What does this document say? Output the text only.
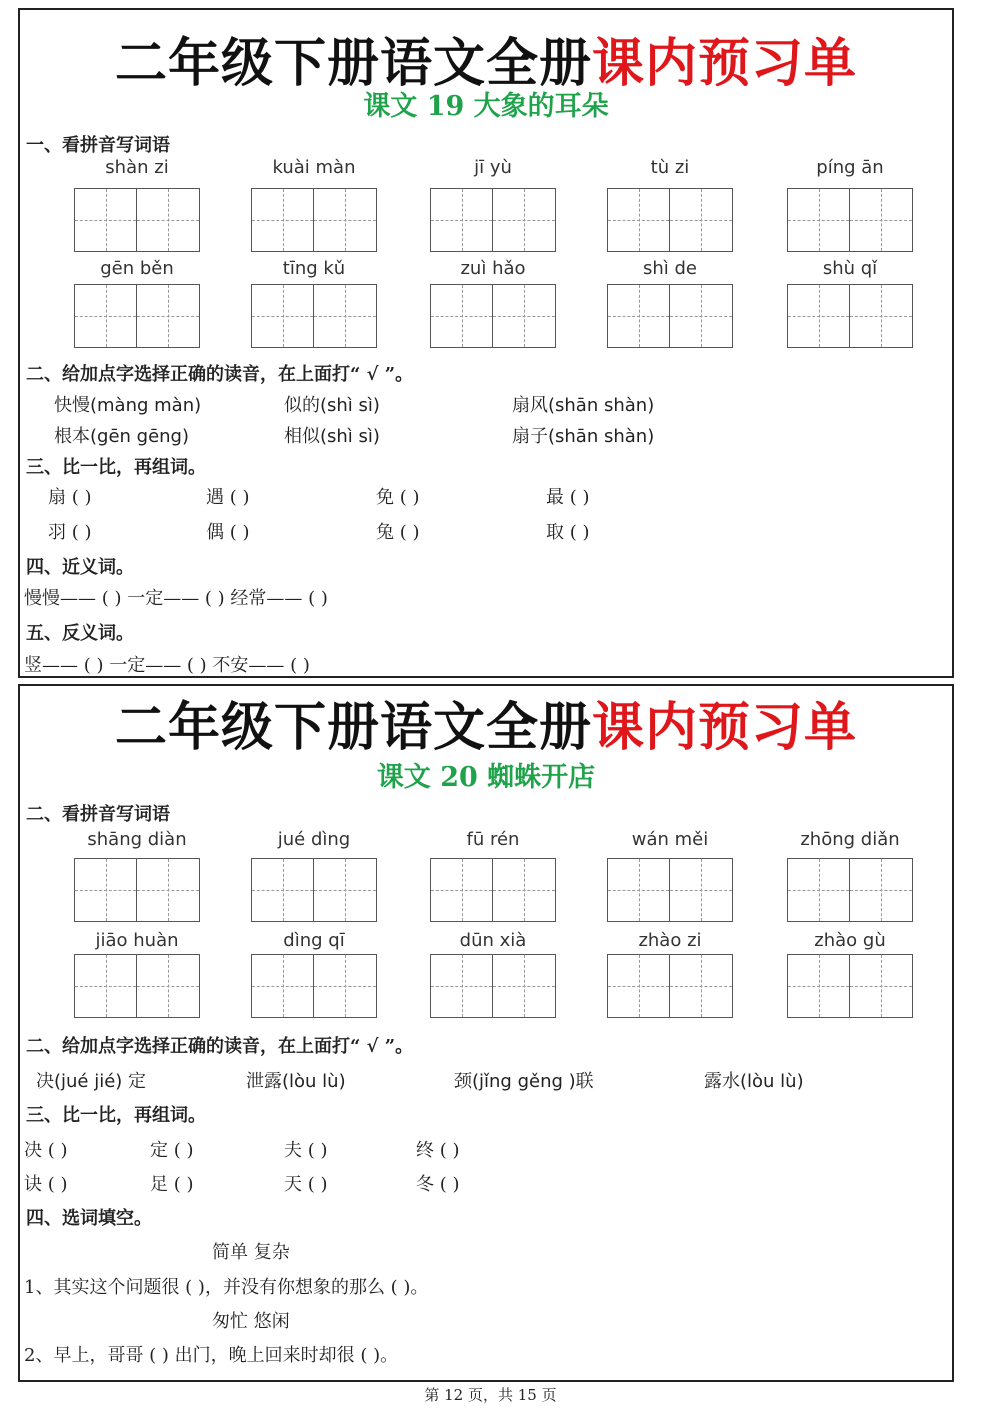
二年级下册语文全册课内预习单
课文 19 大象的耳朵
一、看拼音写词语
shàn zi	kuài màn	jī yù	tù zi	píng ān
gēn běn	tīng kǔ	zuì hǎo	shì de	shù qǐ
二、给加点字选择正确的读音，在上面打“ √ ”。
快慢(màng màn)	似的(shì sì)	扇风(shān shàn)
根本(gēn gēng)	相似(shì sì)	扇子(shān shàn)
三、比一比，再组词。
扇 ( )	遇 ( )	免 ( )	最 ( )
羽 ( )	偶 ( )	兔 ( )	取 ( )
四、近义词。
慢慢—— ( ) 一定—— ( ) 经常—— ( )
五、反义词。
竖—— ( ) 一定—— ( ) 不安—— ( )
二年级下册语文全册课内预习单
课文 20 蜘蛛开店
二、看拼音写词语
shāng diàn	jué dìng	fū rén	wán měi	zhōng diǎn
jiāo huàn	dìng qī	dūn xià	zhào zi	zhào gù
二、给加点字选择正确的读音，在上面打“ √ ”。
决(jué jié) 定	泄露(lòu lù)	颈(jǐng gěng )联	露水(lòu lù)
三、比一比，再组词。
决 ( )	定 ( )	夫 ( )	终 ( )
诀 ( )	足 ( )	天 ( )	冬 ( )
四、选词填空。
简单 复杂
1、其实这个问题很 ( )，并没有你想象的那么 ( )。
匆忙 悠闲
2、早上，哥哥 ( ) 出门，晚上回来时却很 ( )。
第 12 页，共 15 页
